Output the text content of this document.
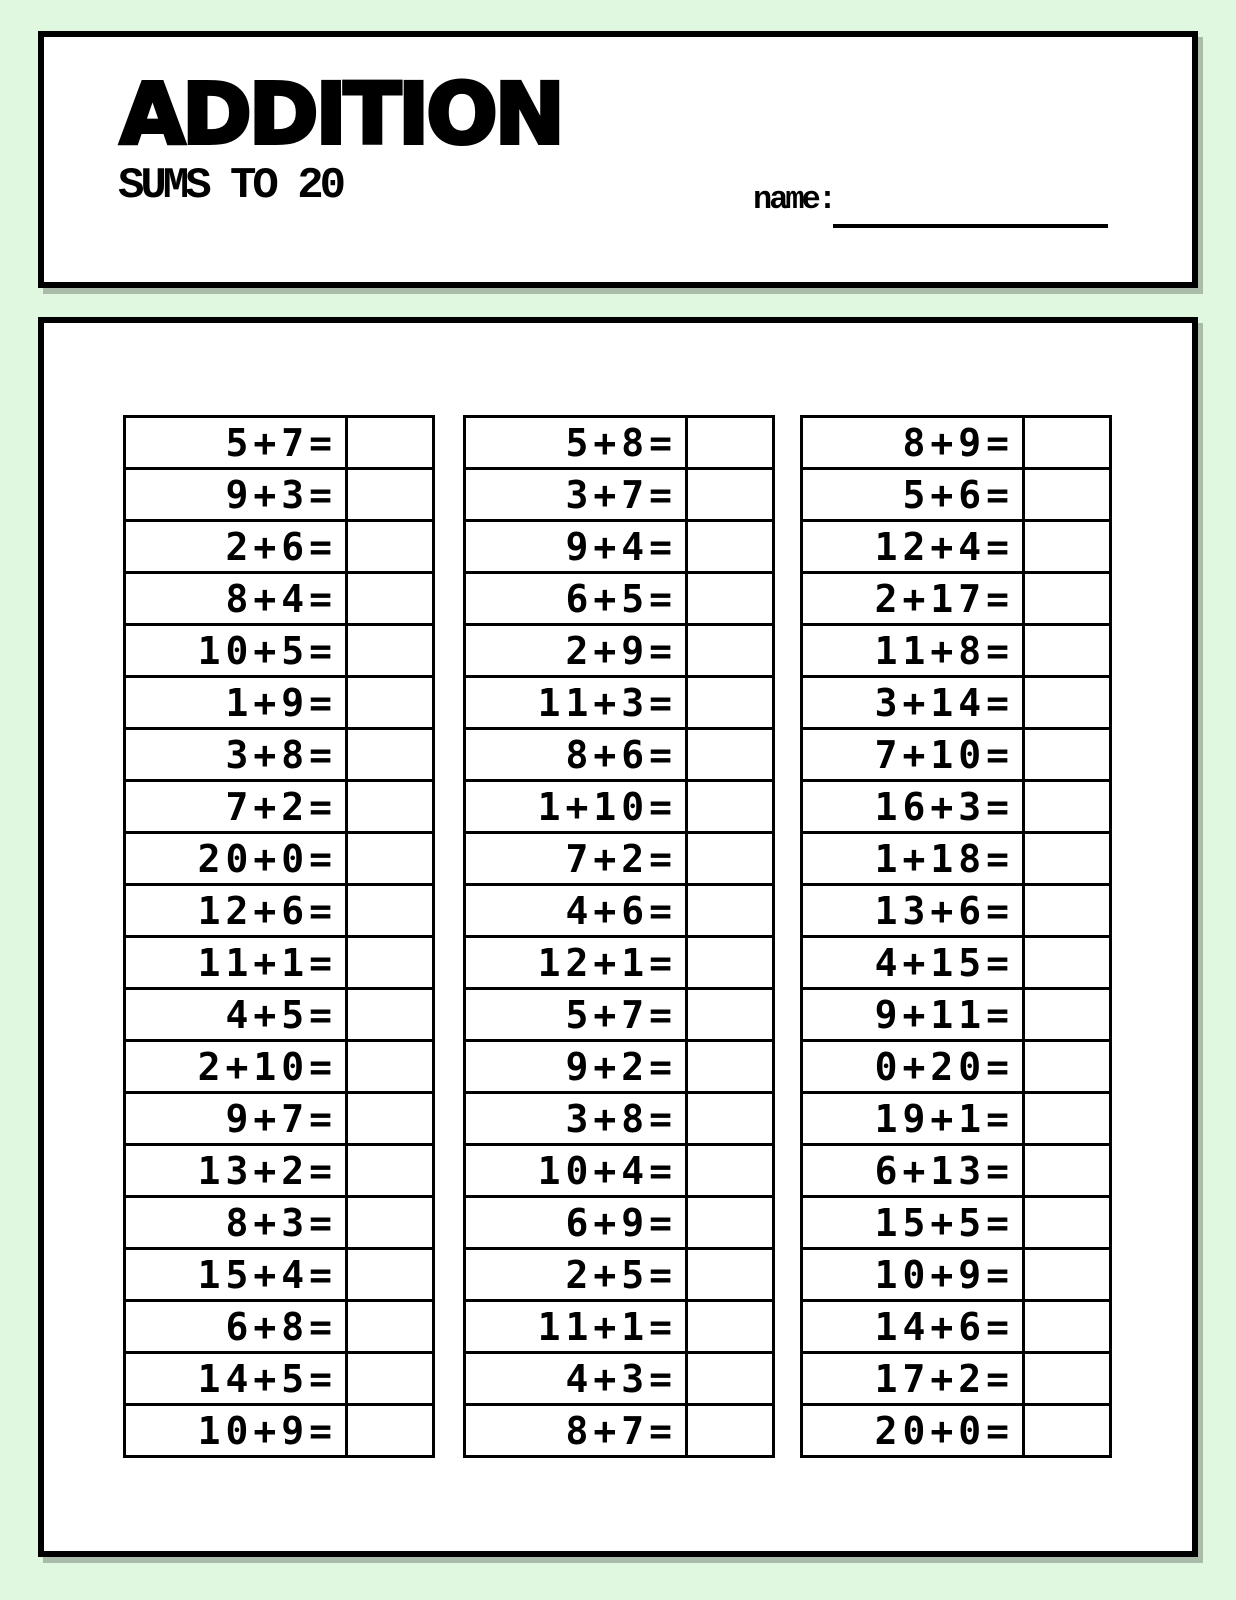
ADDITION
SUMS TO 20	name:
5+7=
9+3=
2+6=
8+4=
10+5=
1+9=
3+8=
7+2=
20+0=
12+6=
11+1=
4+5=
2+10=
9+7=
13+2=
8+3=
15+4=
6+8=
14+5=
10+9=
5+8=
3+7=
9+4=
6+5=
2+9=
11+3=
8+6=
1+10=
7+2=
4+6=
12+1=
5+7=
9+2=
3+8=
10+4=
6+9=
2+5=
11+1=
4+3=
8+7=
8+9=
5+6=
12+4=
2+17=
11+8=
3+14=
7+10=
16+3=
1+18=
13+6=
4+15=
9+11=
0+20=
19+1=
6+13=
15+5=
10+9=
14+6=
17+2=
20+0=
